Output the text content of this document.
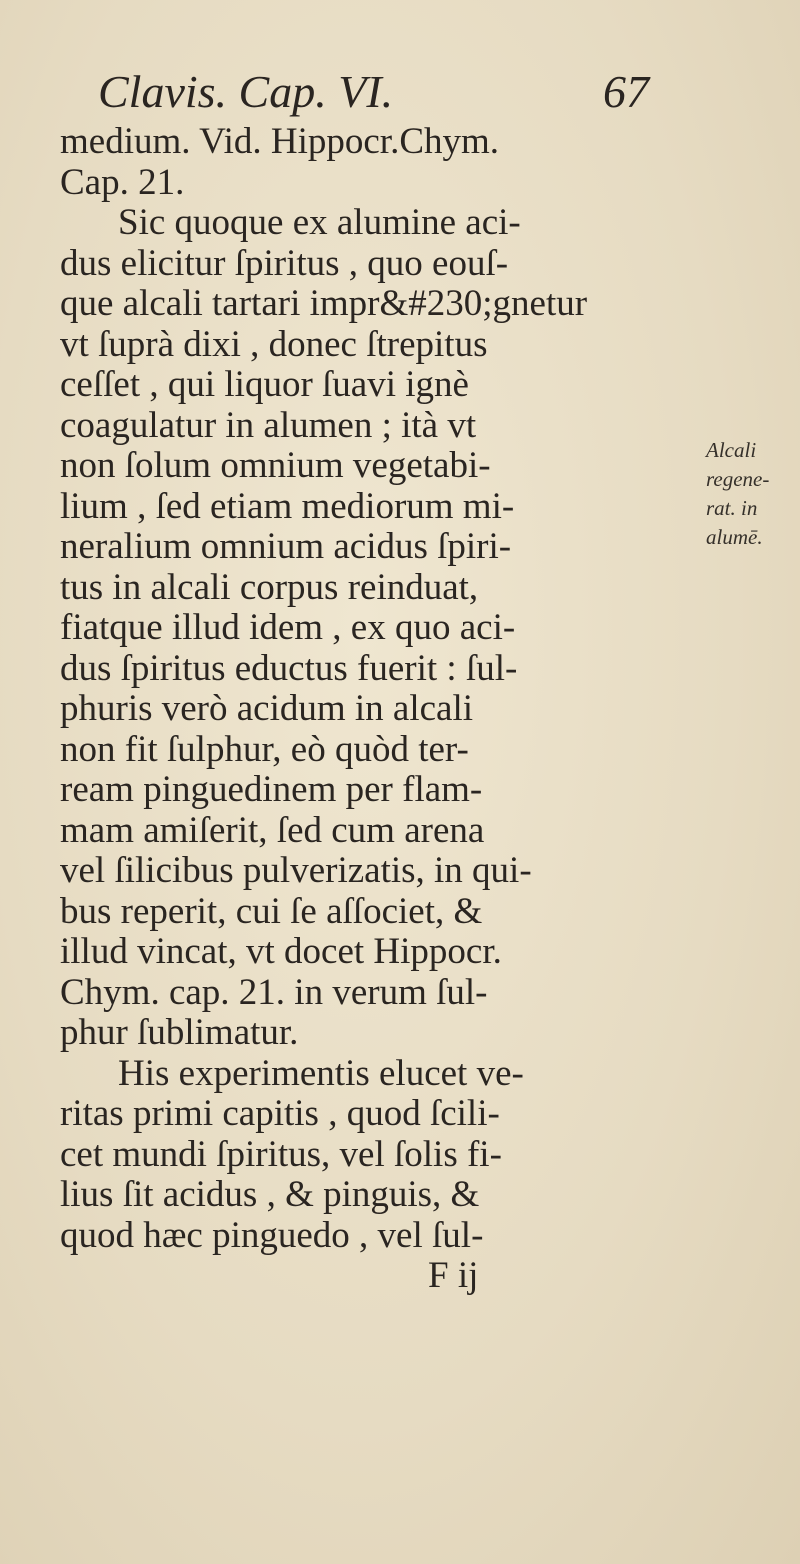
Clavis. Cap. VI.	67
medium. Vid. Hippocr.Chym.
Cap. 21.
Sic quoque ex alumine aci-
dus elicitur ſpiritus , quo eouſ-
que alcali tartari impr&#230;gnetur
vt ſuprà dixi , donec ſtrepitus
ceſſet , qui liquor ſuavi ignè
coagulatur in alumen ; ità vt
non ſolum omnium vegetabi-
lium , ſed etiam mediorum mi-
neralium omnium acidus ſpiri-
tus in alcali corpus reinduat,
fiatque illud idem , ex quo aci-
dus ſpiritus eductus fuerit : ſul-
phuris verò acidum in alcali
non fit ſulphur, eò quòd ter-
ream pinguedinem per flam-
mam amiſerit, ſed cum arena
vel ſilicibus pulverizatis, in qui-
bus reperit, cui ſe aſſociet, &
illud vincat, vt docet Hippocr.
Chym. cap. 21. in verum ſul-
phur ſublimatur.
His experimentis elucet ve-
ritas primi capitis , quod ſcili-
cet mundi ſpiritus, vel ſolis fi-
lius ſit acidus , & pinguis, &
quod hæc pinguedo , vel ſul-
F ij
Alcali
regene-
rat. in
alumē.
